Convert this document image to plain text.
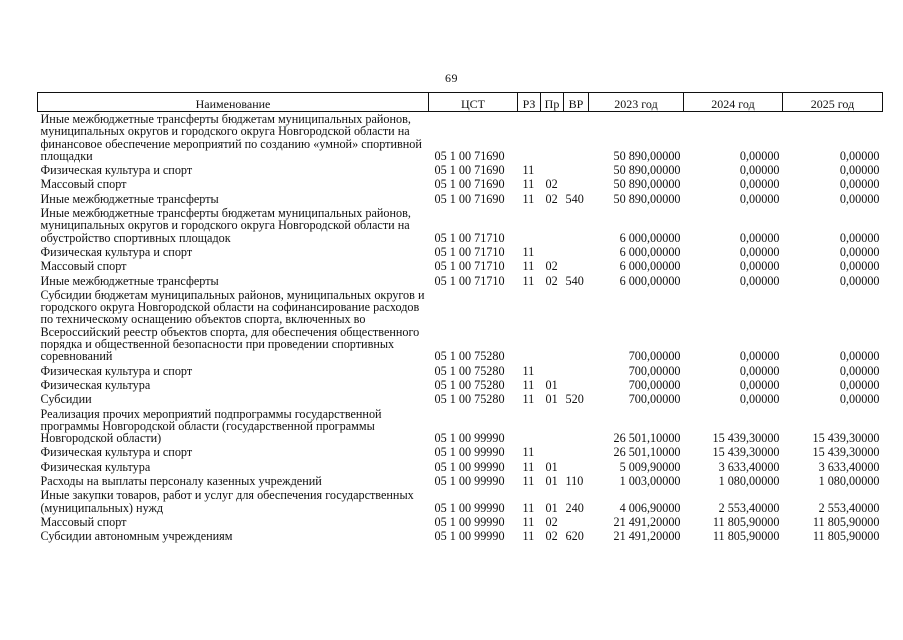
69
Наименование	ЦСТ	РЗ	Пр	ВР	2023 год	2024 год	2025 год
Иные межбюджетные трансферты бюджетам муниципальных районов, муниципальных округов и городского округа Новгородской области на финансовое обеспечение мероприятий по созданию «умной» спортивной площадки	05 1 00 71690				50 890,00000	0,00000	0,00000
Физическая культура и спорт	05 1 00 71690	11			50 890,00000	0,00000	0,00000
Массовый спорт	05 1 00 71690	11	02		50 890,00000	0,00000	0,00000
Иные межбюджетные трансферты	05 1 00 71690	11	02	540	50 890,00000	0,00000	0,00000
Иные межбюджетные трансферты бюджетам муниципальных районов, муниципальных округов и городского округа Новгородской области на обустройство спортивных площадок	05 1 00 71710				6 000,00000	0,00000	0,00000
Физическая культура и спорт	05 1 00 71710	11			6 000,00000	0,00000	0,00000
Массовый спорт	05 1 00 71710	11	02		6 000,00000	0,00000	0,00000
Иные межбюджетные трансферты	05 1 00 71710	11	02	540	6 000,00000	0,00000	0,00000
Субсидии бюджетам муниципальных районов, муниципальных округов и городского округа Новгородской области на софинансирование расходов по техническому оснащению объектов спорта, включенных во Всероссийский реестр объектов спорта, для обеспечения общественного порядка и общественной безопасности при проведении спортивных соревнований	05 1 00 75280				700,00000	0,00000	0,00000
Физическая культура и спорт	05 1 00 75280	11			700,00000	0,00000	0,00000
Физическая культура	05 1 00 75280	11	01		700,00000	0,00000	0,00000
Субсидии	05 1 00 75280	11	01	520	700,00000	0,00000	0,00000
Реализация прочих мероприятий подпрограммы государственной программы Новгородской области (государственной программы Новгородской области)	05 1 00 99990				26 501,10000	15 439,30000	15 439,30000
Физическая культура и спорт	05 1 00 99990	11			26 501,10000	15 439,30000	15 439,30000
Физическая культура	05 1 00 99990	11	01		5 009,90000	3 633,40000	3 633,40000
Расходы на выплаты персоналу казенных учреждений	05 1 00 99990	11	01	110	1 003,00000	1 080,00000	1 080,00000
Иные закупки товаров, работ и услуг для обеспечения государственных (муниципальных) нужд	05 1 00 99990	11	01	240	4 006,90000	2 553,40000	2 553,40000
Массовый спорт	05 1 00 99990	11	02		21 491,20000	11 805,90000	11 805,90000
Субсидии автономным учреждениям	05 1 00 99990	11	02	620	21 491,20000	11 805,90000	11 805,90000
